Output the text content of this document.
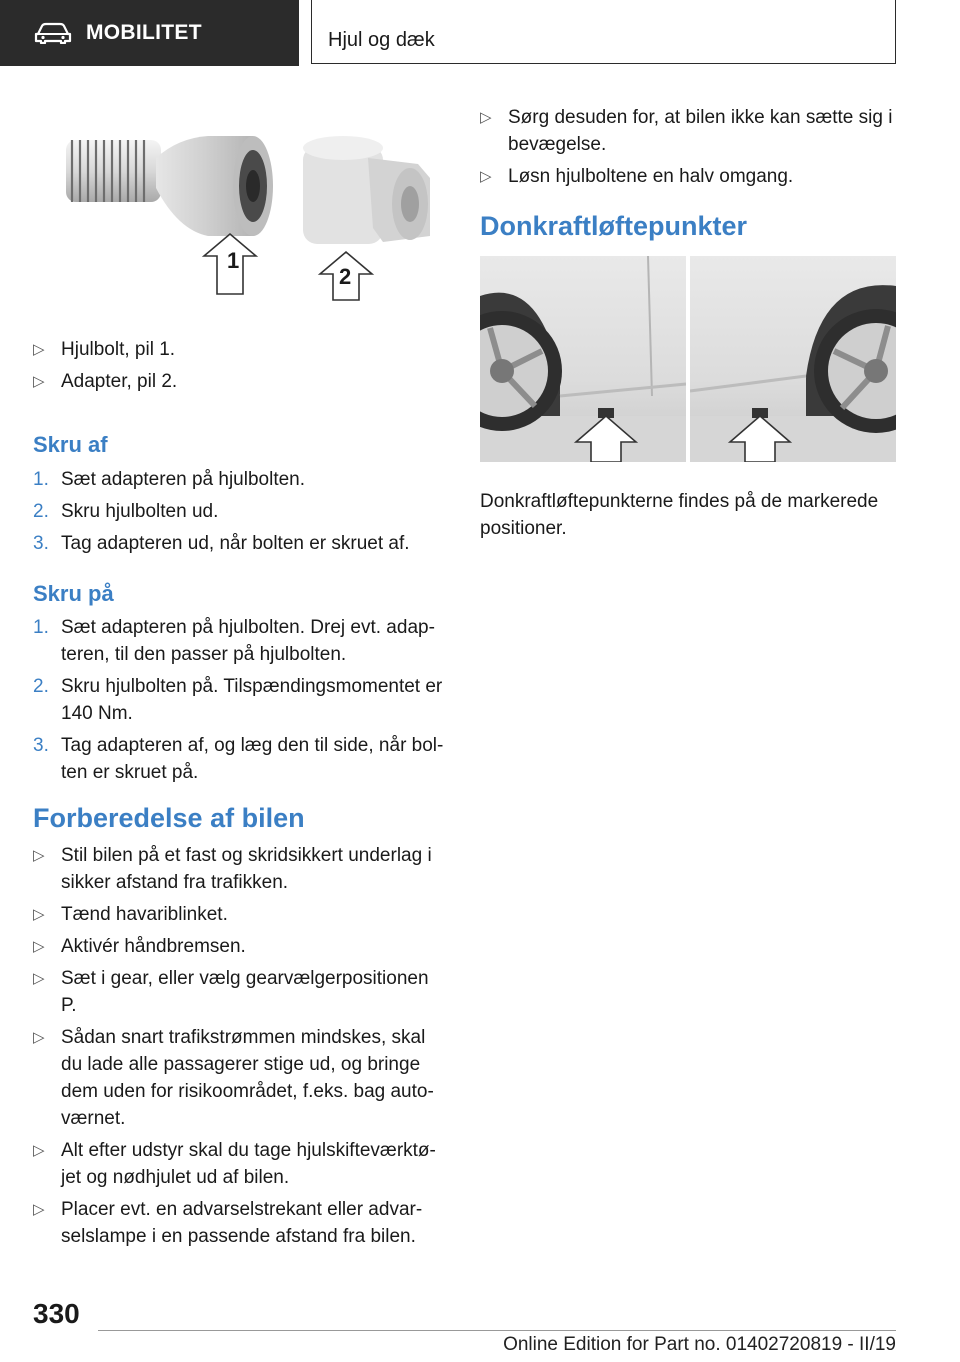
MOBILITET	Hjul og dæk
1
2
▷ Hjulbolt, pil 1.
▷ Adapter, pil 2.
Skru af
1. Sæt adapteren på hjulbolten.
2. Skru hjulbolten ud.
3. Tag adapteren ud, når bolten er skruet af.
Skru på
1. Sæt adapteren på hjulbolten. Drej evt. adapteren, til den passer på hjulbolten.
2. Skru hjulbolten på. Tilspændingsmomentet er 140 Nm.
3. Tag adapteren af, og læg den til side, når bolten er skruet på.
Forberedelse af bilen
▷ Stil bilen på et fast og skridsikkert underlag i sikker afstand fra trafikken.
▷ Tænd havariblinket.
▷ Aktivér håndbremsen.
▷ Sæt i gear, eller vælg gearvælgerpositionen P.
▷ Sådan snart trafikstrømmen mindskes, skal du lade alle passagerer stige ud, og bringe dem uden for risikoområdet, f.eks. bag autoværnet.
▷ Alt efter udstyr skal du tage hjulskifteværktøjet og nødhjulet ud af bilen.
▷ Placer evt. en advarselstrekant eller advarselslampe i en passende afstand fra bilen.
▷ Sørg desuden for, at bilen ikke kan sætte sig i bevægelse.
▷ Løsn hjulboltene en halv omgang.
Donkraftløftepunkter
Donkraftløftepunkterne findes på de markerede positioner.
330
Online Edition for Part no. 01402720819 - II/19
